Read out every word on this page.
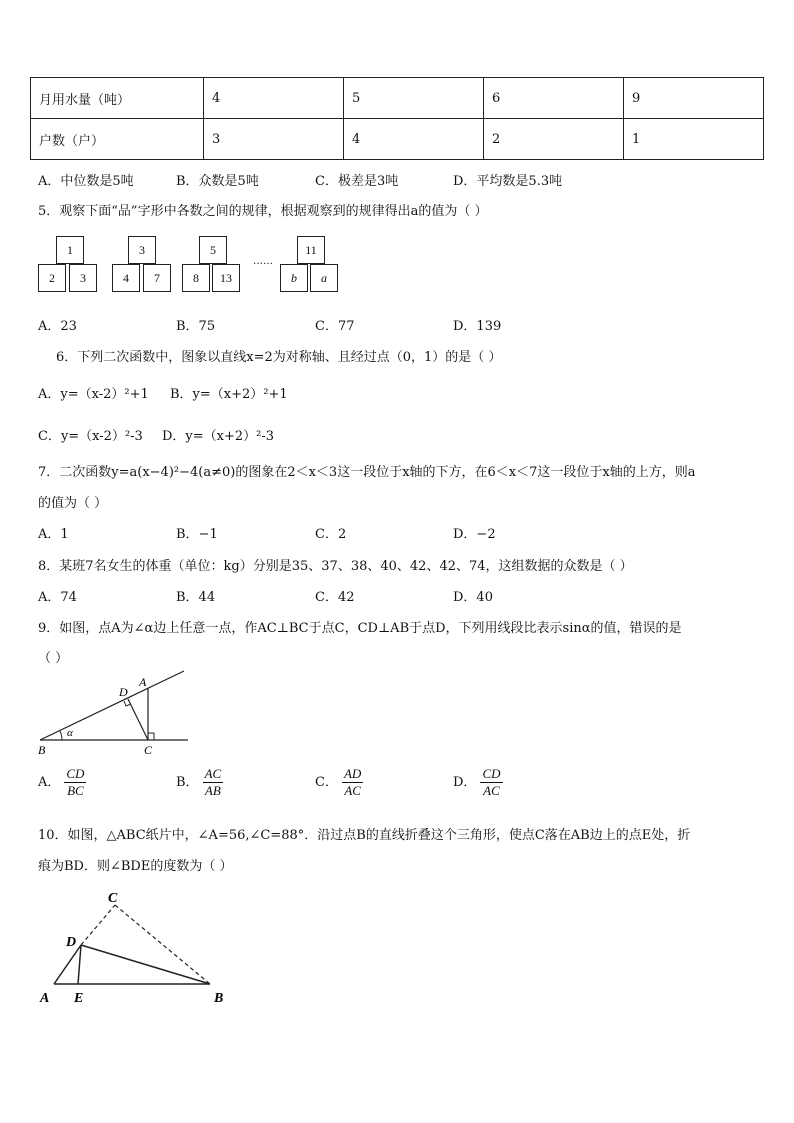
月用水量（吨）	4	5	6	9
户数（户）	3	4	2	1
A．中位数是5吨	B．众数是5吨	C．极差是3吨	D．平均数是5.3吨
5．观察下面“品”字形中各数之间的规律，根据观察到的规律得出a的值为（ ）
1
2	3
3
4	7
5
8	13
……
11
b	a
A．23	B．75	C．77	D．139
6．下列二次函数中，图象以直线x=2为对称轴、且经过点（0，1）的是（ ）
A．y=（x-2）²+1 B．y=（x+2）²+1
C．y=（x-2）²-3 D．y=（x+2）²-3
7．二次函数y=a(x−4)²−4(a≠0)的图象在2＜x＜3这一段位于x轴的下方，在6＜x＜7这一段位于x轴的上方，则a
的值为（ ）
A．1	B．−1	C．2	D．−2
8．某班7名女生的体重（单位：kg）分别是35、37、38、40、42、42、74，这组数据的众数是（ ）
A．74	B．44	C．42	D．40
9．如图，点A为∠α边上任意一点，作AC⊥BC于点C，CD⊥AB于点D，下列用线段比表示sinα的值，错误的是
（ ）
B	C
A
D
α
A． $\frac{CD}{BC}$	B． $\frac{AC}{AB}$	C． $\frac{AD}{AC}$	D． $\frac{CD}{AC}$
10．如图，△ABC纸片中，∠A=56,∠C=88°．沿过点B的直线折叠这个三角形，使点C落在AB边上的点E处，折
痕为BD．则∠BDE的度数为（ ）
C
D
A E	B
